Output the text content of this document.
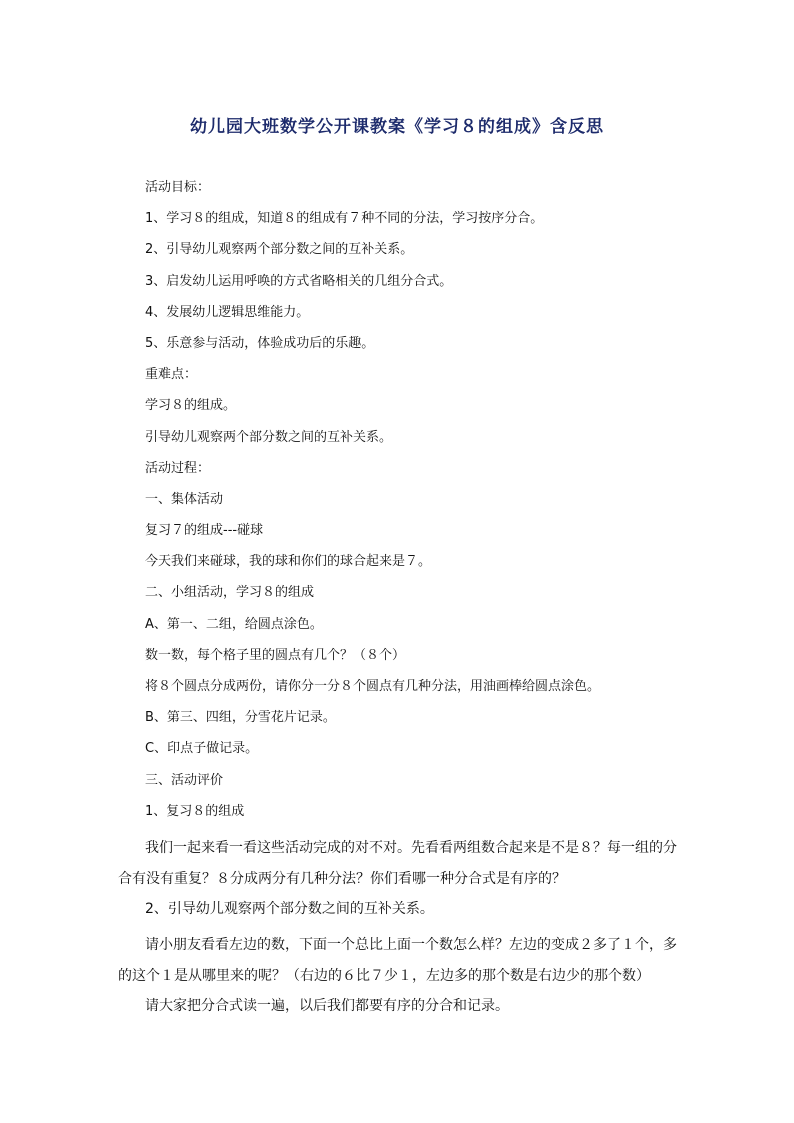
幼儿园大班数学公开课教案《学习８的组成》含反思

活动目标：

1、学习８的组成，知道８的组成有７种不同的分法，学习按序分合。

2、引导幼儿观察两个部分数之间的互补关系。

3、启发幼儿运用呼唤的方式省略相关的几组分合式。

4、发展幼儿逻辑思维能力。

5、乐意参与活动，体验成功后的乐趣。

重难点：

学习８的组成。

引导幼儿观察两个部分数之间的互补关系。

活动过程：

一、集体活动

复习７的组成---碰球

今天我们来碰球，我的球和你们的球合起来是７。

二、小组活动，学习８的组成

A、第一、二组，给圆点涂色。

数一数，每个格子里的圆点有几个？（８个）

将８个圆点分成两份，请你分一分８个圆点有几种分法，用油画棒给圆点涂色。

B、第三、四组，分雪花片记录。

C、印点子做记录。

三、活动评价

1、复习８的组成

我们一起来看一看这些活动完成的对不对。先看看两组数合起来是不是８？每一组的分合有没有重复？８分成两分有几种分法？你们看哪一种分合式是有序的？

2、引导幼儿观察两个部分数之间的互补关系。

请小朋友看看左边的数，下面一个总比上面一个数怎么样？左边的变成２多了１个，多的这个１是从哪里来的呢？（右边的６比７少１，左边多的那个数是右边少的那个数）

请大家把分合式读一遍，以后我们都要有序的分合和记录。
